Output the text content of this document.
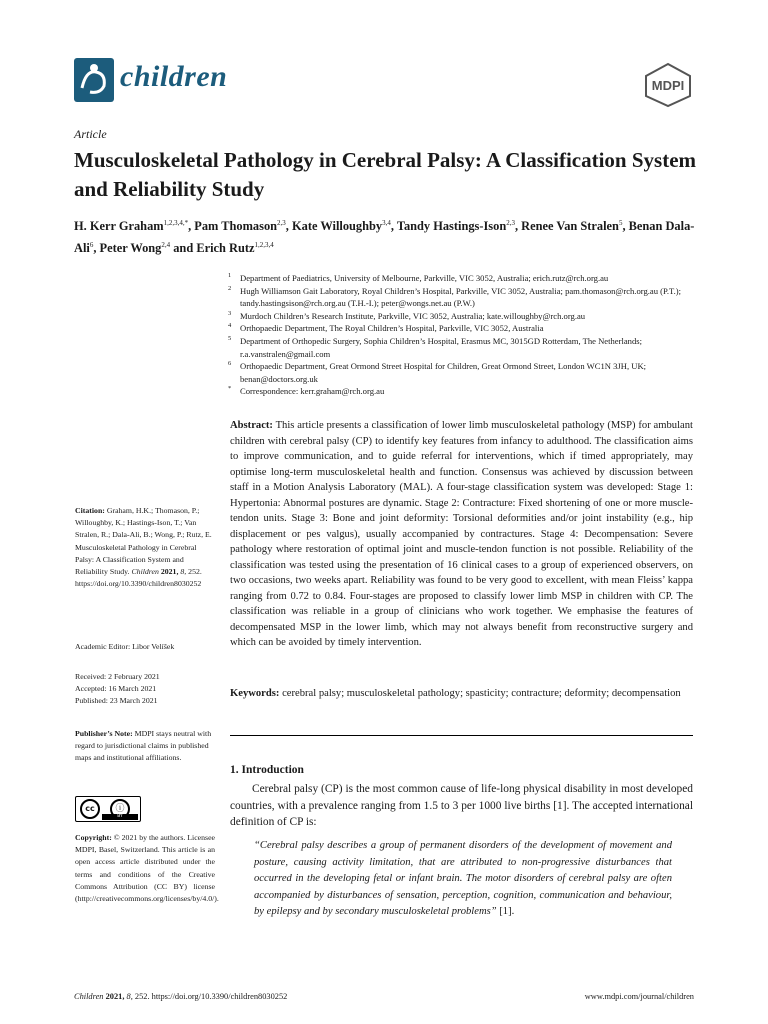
children	MDPI
Article
Musculoskeletal Pathology in Cerebral Palsy: A Classification System and Reliability Study
H. Kerr Graham$^{1,2,3,4,*}$, Pam Thomason$^{2,3}$, Kate Willoughby$^{3,4}$, Tandy Hastings-Ison$^{2,3}$, Renee Van Stralen$^5$, Benan Dala-Ali$^6$, Peter Wong$^{2,4}$ and Erich Rutz$^{1,2,3,4}$
1 Department of Paediatrics, University of Melbourne, Parkville, VIC 3052, Australia; erich.rutz@rch.org.au
2 Hugh Williamson Gait Laboratory, Royal Children’s Hospital, Parkville, VIC 3052, Australia; pam.thomason@rch.org.au (P.T.); tandy.hastingsison@rch.org.au (T.H.-I.); peter@wongs.net.au (P.W.)
3 Murdoch Children’s Research Institute, Parkville, VIC 3052, Australia; kate.willoughby@rch.org.au
4 Orthopaedic Department, The Royal Children’s Hospital, Parkville, VIC 3052, Australia
5 Department of Orthopedic Surgery, Sophia Children’s Hospital, Erasmus MC, 3015GD Rotterdam, The Netherlands; r.a.vanstralen@gmail.com
6 Orthopaedic Department, Great Ormond Street Hospital for Children, Great Ormond Street, London WC1N 3JH, UK; benan@doctors.org.uk
* Correspondence: kerr.graham@rch.org.au
Abstract: This article presents a classification of lower limb musculoskeletal pathology (MSP) for ambulant children with cerebral palsy (CP) to identify key features from infancy to adulthood. The classification aims to improve communication, and to guide referral for interventions, which if timed appropriately, may optimise long-term musculoskeletal health and function. Consensus was achieved by discussion between staff in a Motion Analysis Laboratory (MAL). A four-stage classification system was developed: Stage 1: Hypertonia: Abnormal postures are dynamic. Stage 2: Contracture: Fixed shortening of one or more muscle-tendon units. Stage 3: Bone and joint deformity: Torsional deformities and/or joint instability (e.g., hip displacement or pes valgus), usually accompanied by contractures. Stage 4: Decompensation: Severe pathology where restoration of optimal joint and muscle-tendon function is not possible. Reliability of the classification was tested using the presentation of 16 clinical cases to a group of experienced observers, on two occasions, two weeks apart. Reliability was found to be very good to excellent, with mean Fleiss’ kappa ranging from 0.72 to 0.84. Four-stages are proposed to classify lower limb MSP in children with CP. The classification was reliable in a group of clinicians who work together. We emphasise the features of decompensated MSP in the lower limb, which may not always benefit from reconstructive surgery and which can be avoided by timely intervention.
Keywords: cerebral palsy; musculoskeletal pathology; spasticity; contracture; deformity; decompensation
Citation: Graham, H.K.; Thomason, P.; Willoughby, K.; Hastings-Ison, T.; Van Stralen, R.; Dala-Ali, B.; Wong, P.; Rutz, E. Musculoskeletal Pathology in Cerebral Palsy: A Classification System and Reliability Study. Children 2021, 8, 252. https://doi.org/10.3390/children8030252
Academic Editor: Libor Velíšek
Received: 2 February 2021
Accepted: 16 March 2021
Published: 23 March 2021
Publisher’s Note: MDPI stays neutral with regard to jurisdictional claims in published maps and institutional affiliations.
cc	ⓘ
BY
Copyright: © 2021 by the authors. Licensee MDPI, Basel, Switzerland. This article is an open access article distributed under the terms and conditions of the Creative Commons Attribution (CC BY) license (http://creativecommons.org/licenses/by/4.0/).
1. Introduction
Cerebral palsy (CP) is the most common cause of life-long physical disability in most developed countries, with a prevalence ranging from 1.5 to 3 per 1000 live births [1]. The accepted international definition of CP is:
“Cerebral palsy describes a group of permanent disorders of the development of movement and posture, causing activity limitation, that are attributed to non-progressive disturbances that occurred in the developing fetal or infant brain. The motor disorders of cerebral palsy are often accompanied by disturbances of sensation, perception, cognition, communication and behaviour, by epilepsy and by secondary musculoskeletal problems” [1].
Children 2021, 8, 252. https://doi.org/10.3390/children8030252	www.mdpi.com/journal/children
